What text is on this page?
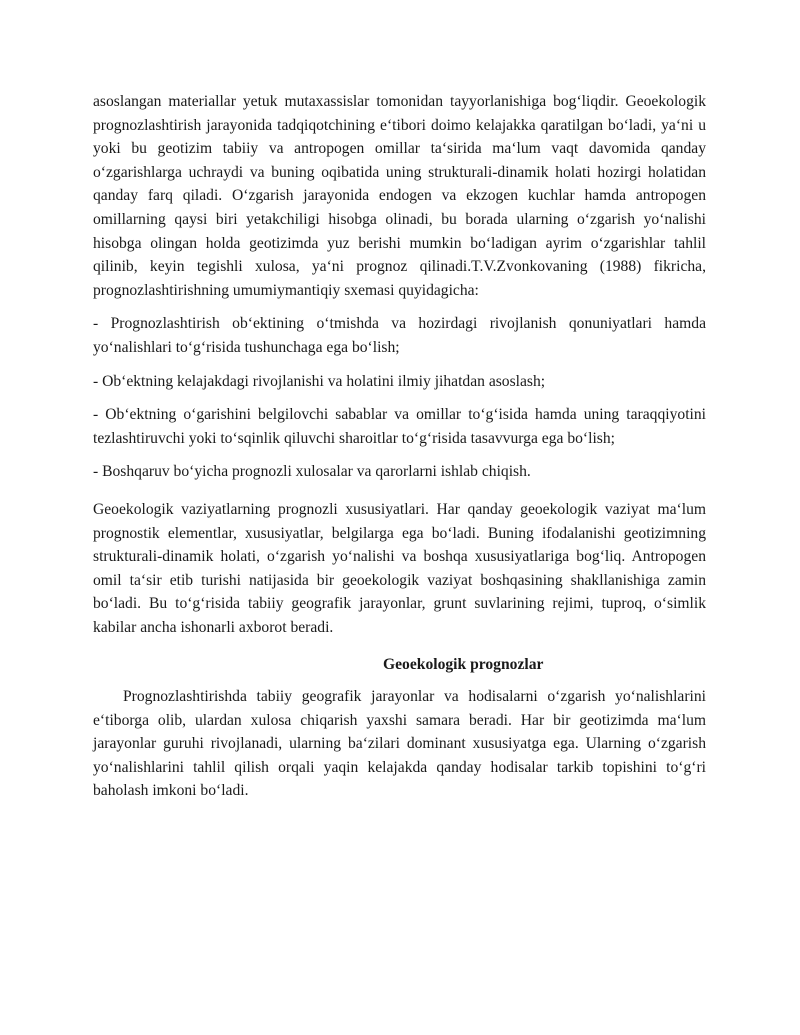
asoslangan materiallar yetuk mutaxassislar tomonidan tayyorlanishiga bog‘liqdir. Geoekologik prognozlashtirish jarayonida tadqiqotchining e‘tibori doimo kelajakka qaratilgan bo‘ladi, ya‘ni u yoki bu geotizim tabiiy va antropogen omillar ta‘sirida ma‘lum vaqt davomida qanday o‘zgarishlarga uchraydi va buning oqibatida uning strukturali-dinamik holati hozirgi holatidan qanday farq qiladi. O‘zgarish jarayonida endogen va ekzogen kuchlar hamda antropogen omillarning qaysi biri yetakchiligi hisobga olinadi, bu borada ularning o‘zgarish yo‘nalishi hisobga olingan holda geotizimda yuz berishi mumkin bo‘ladigan ayrim o‘zgarishlar tahlil qilinib, keyin tegishli xulosa, ya‘ni prognoz qilinadi.T.V.Zvonkovaning (1988) fikricha, prognozlashtirishning umumiymantiqiy sxemasi quyidagicha:

- Prognozlashtirish ob‘ektining o‘tmishda va hozirdagi rivojlanish qonuniyatlari hamda yo‘nalishlari to‘g‘risida tushunchaga ega bo‘lish;

- Ob‘ektning kelajakdagi rivojlanishi va holatini ilmiy jihatdan asoslash;

- Ob‘ektning o‘garishini belgilovchi sabablar va omillar to‘g‘isida hamda uning taraqqiyotini tezlashtiruvchi yoki to‘sqinlik qiluvchi sharoitlar to‘g‘risida tasavvurga ega bo‘lish;

- Boshqaruv bo‘yicha prognozli xulosalar va qarorlarni ishlab chiqish.

Geoekologik vaziyatlarning prognozli xususiyatlari. Har qanday geoekologik vaziyat ma‘lum prognostik elementlar, xususiyatlar, belgilarga ega bo‘ladi. Buning ifodalanishi geotizimning strukturali-dinamik holati, o‘zgarish yo‘nalishi va boshqa xususiyatlariga bog‘liq. Antropogen omil ta‘sir etib turishi natijasida bir geoekologik vaziyat boshqasining shakllanishiga zamin bo‘ladi. Bu to‘g‘risida tabiiy geografik jarayonlar, grunt suvlarining rejimi, tuproq, o‘simlik kabilar ancha ishonarli axborot beradi.

Geoekologik prognozlar

Prognozlashtirishda tabiiy geografik jarayonlar va hodisalarni o‘zgarish yo‘nalishlarini e‘tiborga olib, ulardan xulosa chiqarish yaxshi samara beradi. Har bir geotizimda ma‘lum jarayonlar guruhi rivojlanadi, ularning ba‘zilari dominant xususiyatga ega. Ularning o‘zgarish yo‘nalishlarini tahlil qilish orqali yaqin kelajakda qanday hodisalar tarkib topishini to‘g‘ri baholash imkoni bo‘ladi.
